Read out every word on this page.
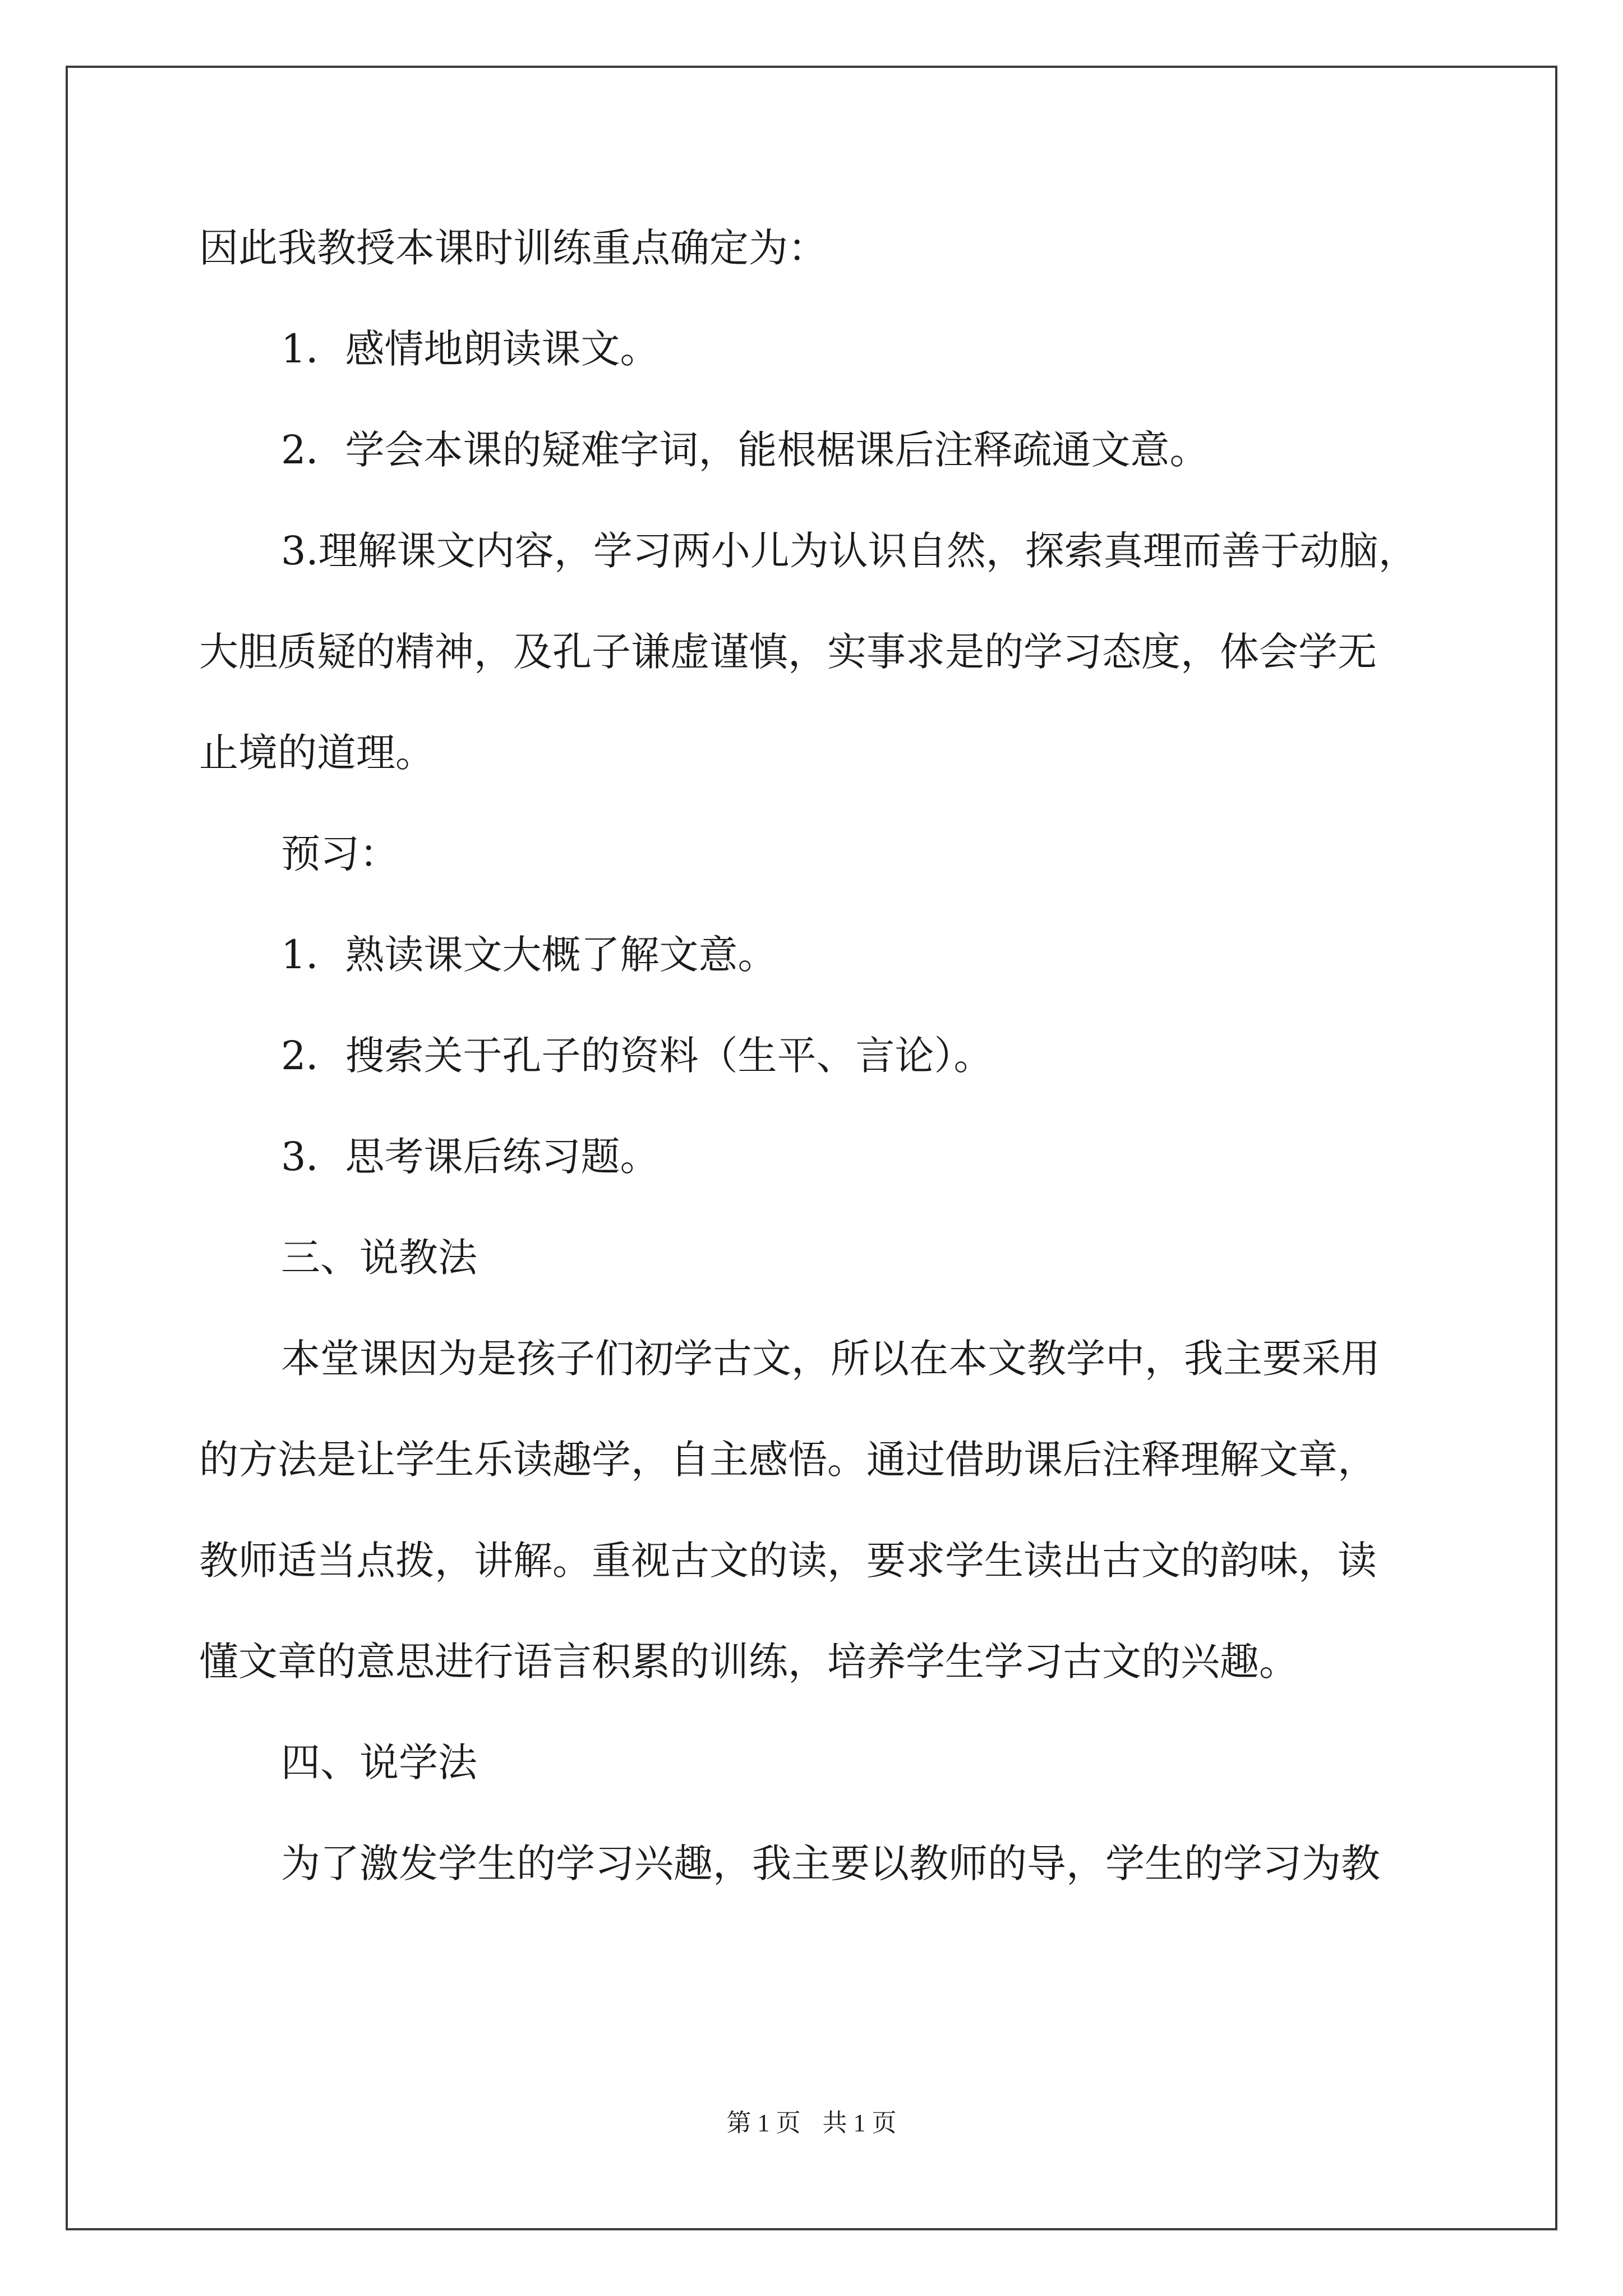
因此我教授本课时训练重点确定为：
1．感情地朗读课文。
2．学会本课的疑难字词，能根椐课后注释疏通文意。
3.理解课文内容，学习两小儿为认识自然，探索真理而善于动脑，
大胆质疑的精神，及孔子谦虚谨慎，实事求是的学习态度，体会学无
止境的道理。
预习：
1．熟读课文大概了解文意。
2．搜索关于孔子的资料（生平、言论）。
3．思考课后练习题。
三、说教法
本堂课因为是孩子们初学古文，所以在本文教学中，我主要采用
的方法是让学生乐读趣学，自主感悟。通过借助课后注释理解文章，
教师适当点拨，讲解。重视古文的读，要求学生读出古文的韵味，读
懂文章的意思进行语言积累的训练，培养学生学习古文的兴趣。
四、说学法
为了激发学生的学习兴趣，我主要以教师的导，学生的学习为教
第 1 页 共 1 页
